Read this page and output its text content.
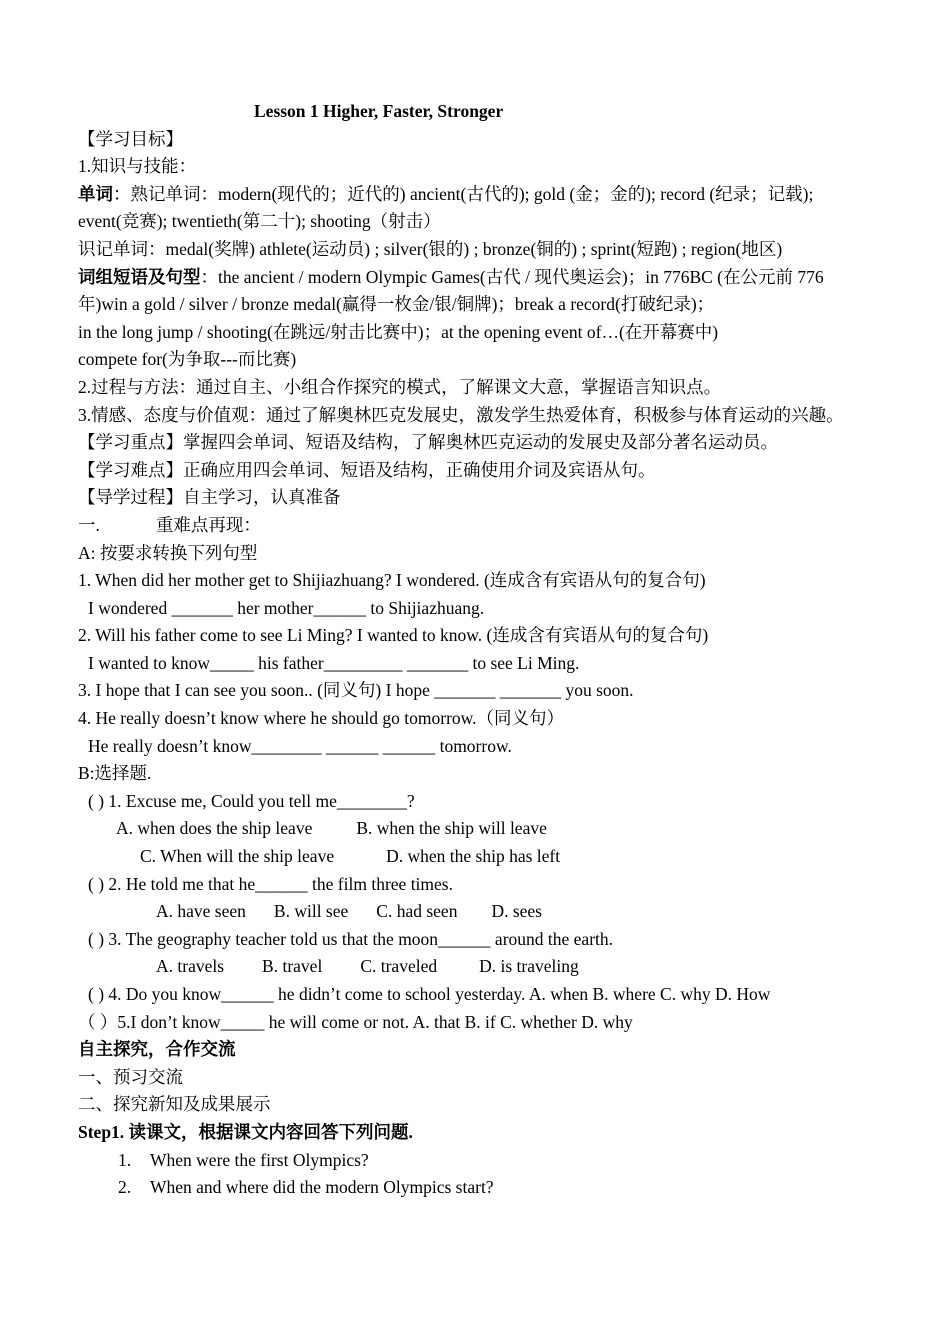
Lesson 1 Higher, Faster, Stronger
【学习目标】
1.知识与技能：
单词：熟记单词：modern(现代的；近代的) ancient(古代的); gold (金；金的); record (纪录；记载);
event(竞赛); twentieth(第二十); shooting（射击）
识记单词：medal(奖牌) athlete(运动员) ; silver(银的) ; bronze(铜的) ; sprint(短跑) ; region(地区)
词组短语及句型：the ancient / modern Olympic Games(古代 / 现代奥运会)；in 776BC (在公元前 776
年)win a gold / silver / bronze medal(赢得一枚金/银/铜牌)；break a record(打破纪录)；
in the long jump / shooting(在跳远/射击比赛中)；at the opening event of…(在开幕赛中)
compete for(为争取---而比赛)
2.过程与方法：通过自主、小组合作探究的模式，了解课文大意，掌握语言知识点。
3.情感、态度与价值观：通过了解奥林匹克发展史，激发学生热爱体育，积极参与体育运动的兴趣。
【学习重点】掌握四会单词、短语及结构，了解奥林匹克运动的发展史及部分著名运动员。
【学习难点】正确应用四会单词、短语及结构，正确使用介词及宾语从句。
【导学过程】自主学习，认真准备
一.	重难点再现：
A: 按要求转换下列句型
1. When did her mother get to Shijiazhuang? I wondered. (连成含有宾语从句的复合句)
I wondered _______ her mother______ to Shijiazhuang.
2. Will his father come to see Li Ming? I wanted to know. (连成含有宾语从句的复合句)
I wanted to know_____ his father_________ _______ to see Li Ming.
3. I hope that I can see you soon.. (同义句) I hope _______ _______ you soon.
4. He really doesn’t know where he should go tomorrow.（同义句）
He really doesn’t know________ ______ ______ tomorrow.
B:选择题.
( ) 1. Excuse me, Could you tell me________?
A. when does the ship leave	B. when the ship will leave
C. When will the ship leave	D. when the ship has left
( ) 2. He told me that he______ the film three times.
A. have seen B. will see C. had seen D. sees
( ) 3. The geography teacher told us that the moon______ around the earth.
A. travels B. travel C. traveled D. is traveling
( ) 4. Do you know______ he didn’t come to school yesterday. A. when B. where C. why D. How
（ ）5.I don’t know_____ he will come or not. A. that B. if C. whether D. why
自主探究，合作交流
一、预习交流
二、探究新知及成果展示
Step1. 读课文，根据课文内容回答下列问题.
1. When were the first Olympics?
2. When and where did the modern Olympics start?
